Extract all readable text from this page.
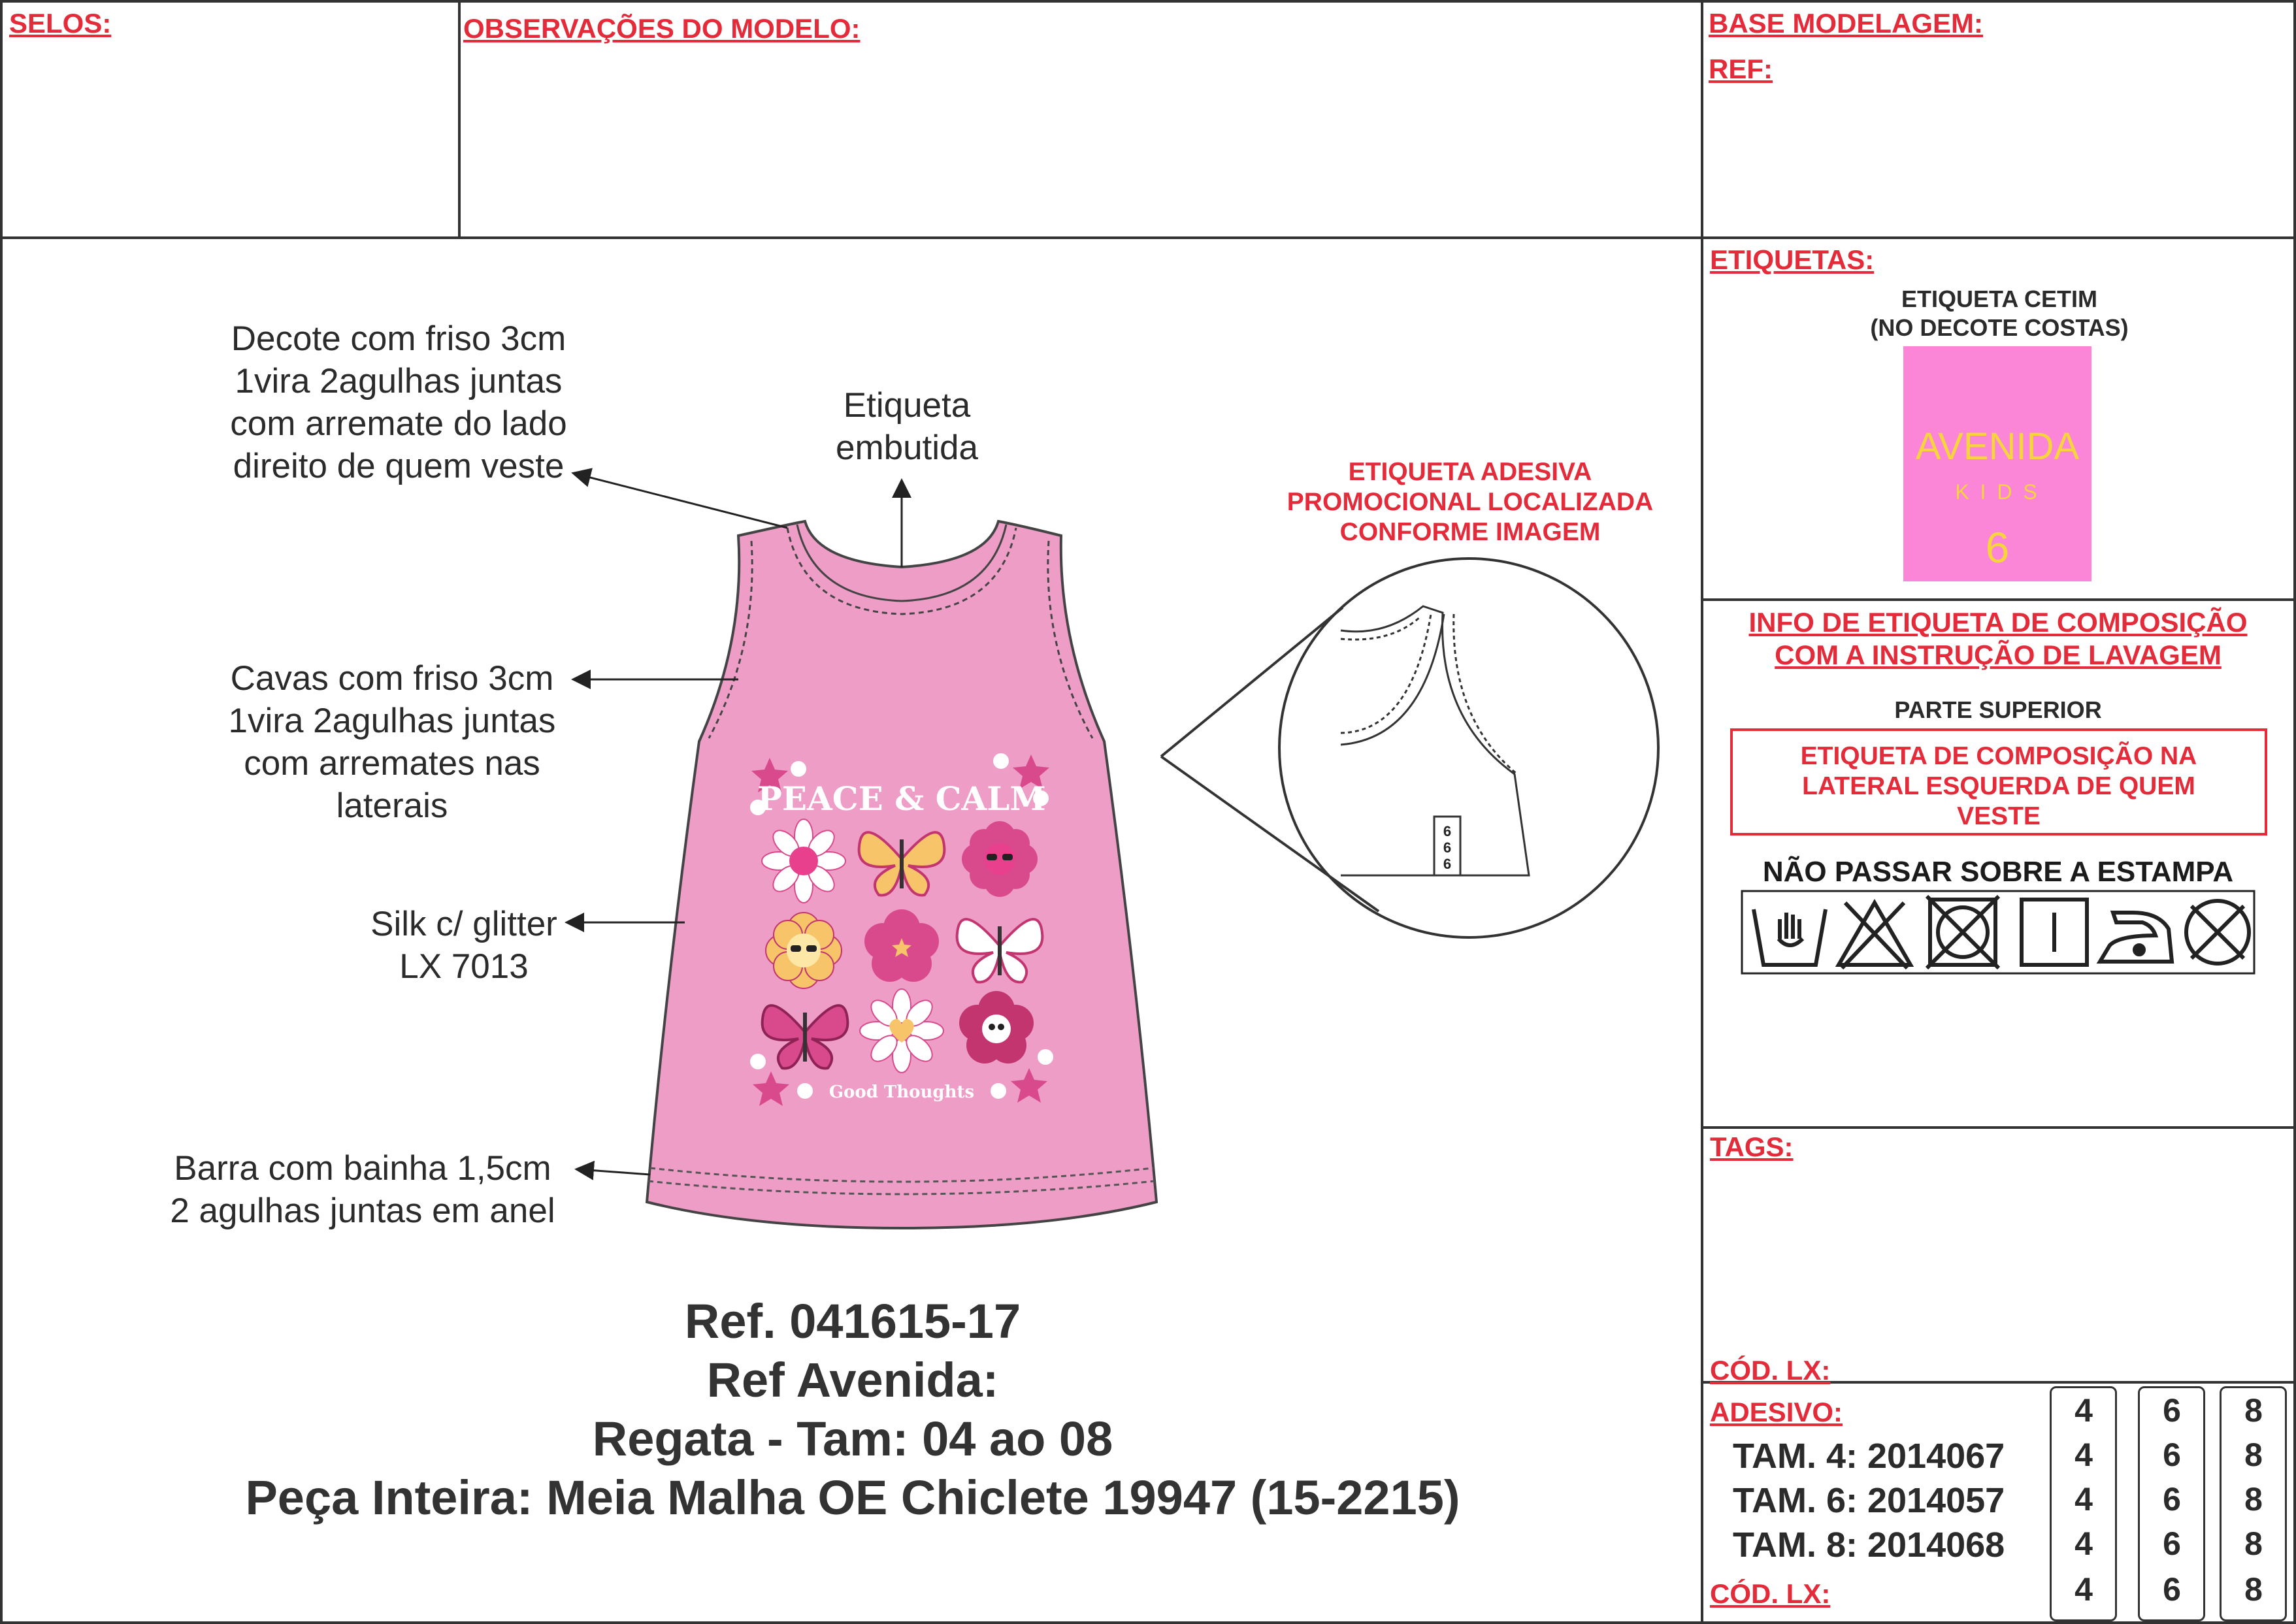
SELOS:	OBSERVAÇÕES DO MODELO:	BASE MODELAGEM:
REF:
ETIQUETAS:
ETIQUETA CETIM
(NO DECOTE COSTAS)
AVENIDA
K I D S
6
INFO DE ETIQUETA DE COMPOSIÇÃO
COM A INSTRUÇÃO DE LAVAGEM
PARTE SUPERIOR
ETIQUETA DE COMPOSIÇÃO NA
LATERAL ESQUERDA DE QUEM
VESTE
NÃO PASSAR SOBRE A ESTAMPA
TAGS:
CÓD. LX:
ADESIVO:
TAM. 4: 2014067
TAM. 6: 2014057
TAM. 8: 2014068
CÓD. LX:
4
4
4
4
4
6
6
6
6
6
8
8
8
8
8
Decote com friso 3cm
1vira 2agulhas juntas
com arremate do lado
direito de quem veste
Etiqueta
embutida
Cavas com friso 3cm
1vira 2agulhas juntas
com arremates nas
laterais
Silk c/ glitter
LX 7013
Barra com bainha 1,5cm
2 agulhas juntas em anel
ETIQUETA ADESIVA
PROMOCIONAL LOCALIZADA
CONFORME IMAGEM
PEACE & CALM
Good Thoughts
6
6
6
Ref. 041615-17
Ref Avenida:
Regata - Tam: 04 ao 08
Peça Inteira: Meia Malha OE Chiclete 19947 (15-2215)
